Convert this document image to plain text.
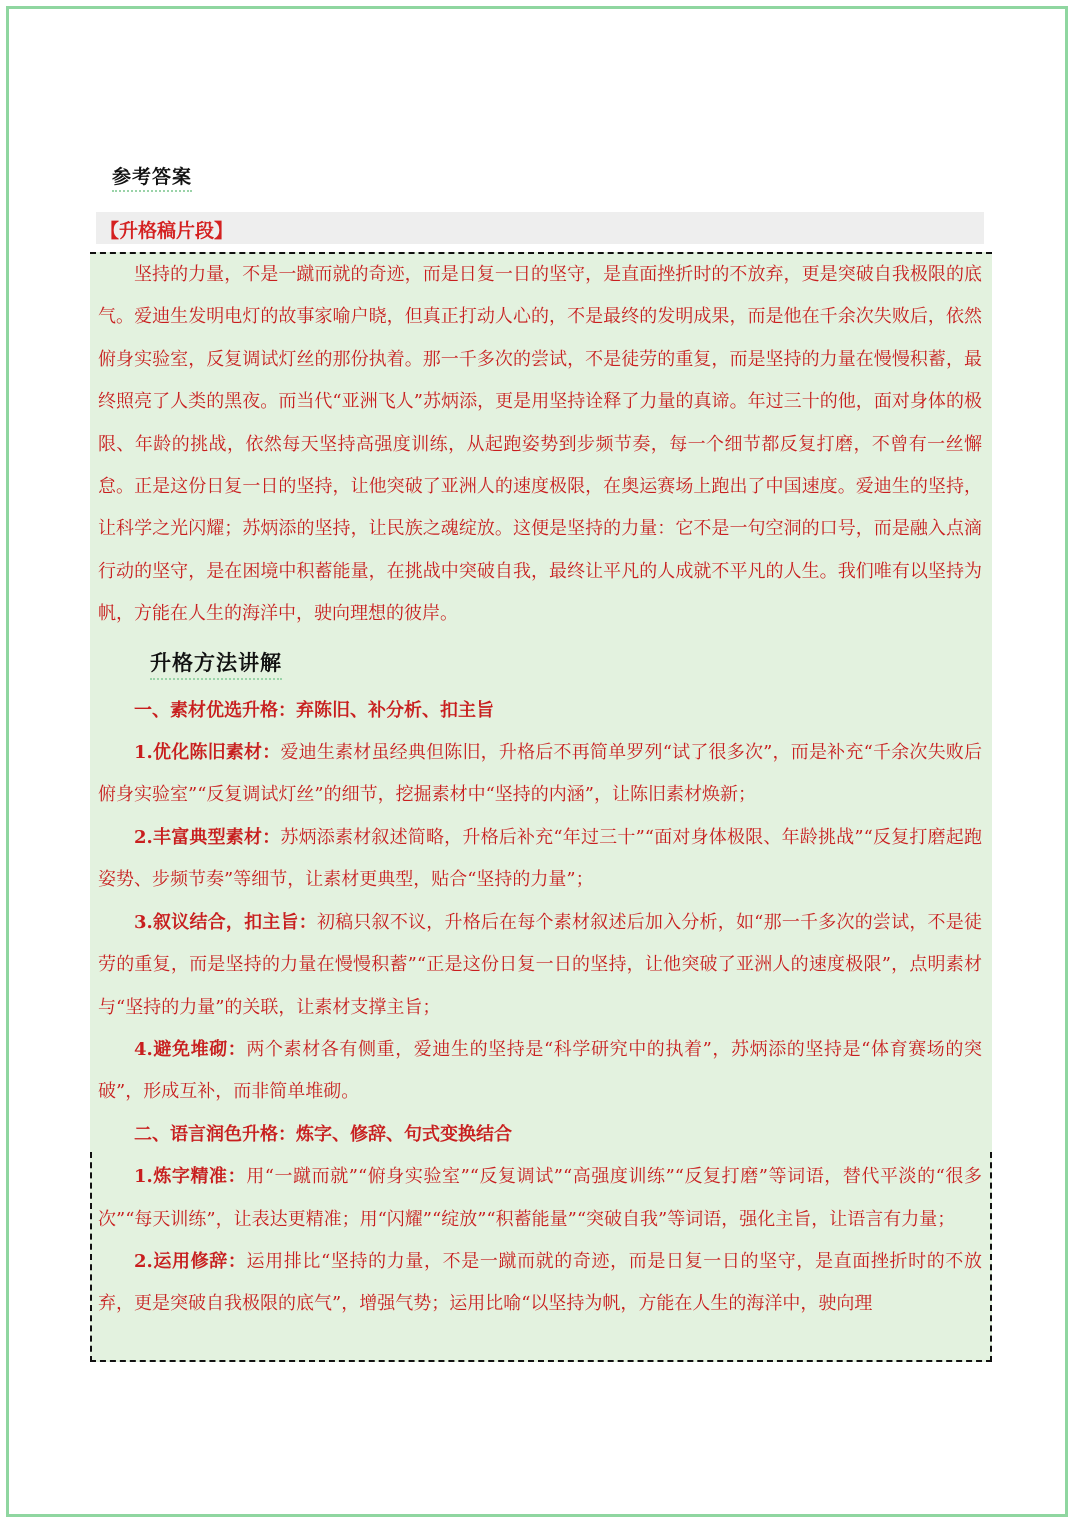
参考答案
【升格稿片段】

坚持的力量，不是一蹴而就的奇迹，而是日复一日的坚守，是直面挫折时的不放弃，更是突破自我极限的底气。爱迪生发明电灯的故事家喻户晓，但真正打动人心的，不是最终的发明成果，而是他在千余次失败后，依然俯身实验室，反复调试灯丝的那份执着。那一千多次的尝试，不是徒劳的重复，而是坚持的力量在慢慢积蓄，最终照亮了人类的黑夜。而当代“亚洲飞人”苏炳添，更是用坚持诠释了力量的真谛。年过三十的他，面对身体的极限、年龄的挑战，依然每天坚持高强度训练，从起跑姿势到步频节奏，每一个细节都反复打磨，不曾有一丝懈怠。正是这份日复一日的坚持，让他突破了亚洲人的速度极限，在奥运赛场上跑出了中国速度。爱迪生的坚持，让科学之光闪耀；苏炳添的坚持，让民族之魂绽放。这便是坚持的力量：它不是一句空洞的口号，而是融入点滴行动的坚守，是在困境中积蓄能量，在挑战中突破自我，最终让平凡的人成就不平凡的人生。我们唯有以坚持为帆，方能在人生的海洋中，驶向理想的彼岸。

升格方法讲解

一、素材优选升格：弃陈旧、补分析、扣主旨

1.优化陈旧素材：爱迪生素材虽经典但陈旧，升格后不再简单罗列“试了很多次”，而是补充“千余次失败后俯身实验室”“反复调试灯丝”的细节，挖掘素材中“坚持的内涵”，让陈旧素材焕新；

2.丰富典型素材：苏炳添素材叙述简略，升格后补充“年过三十”“面对身体极限、年龄挑战”“反复打磨起跑姿势、步频节奏”等细节，让素材更典型，贴合“坚持的力量”；

3.叙议结合，扣主旨：初稿只叙不议，升格后在每个素材叙述后加入分析，如“那一千多次的尝试，不是徒劳的重复，而是坚持的力量在慢慢积蓄”“正是这份日复一日的坚持，让他突破了亚洲人的速度极限”，点明素材与“坚持的力量”的关联，让素材支撑主旨；

4.避免堆砌：两个素材各有侧重，爱迪生的坚持是“科学研究中的执着”，苏炳添的坚持是“体育赛场的突破”，形成互补，而非简单堆砌。

二、语言润色升格：炼字、修辞、句式变换结合

1.炼字精准：用“一蹴而就”“俯身实验室”“反复调试”“高强度训练”“反复打磨”等词语，替代平淡的“很多次”“每天训练”，让表达更精准；用“闪耀”“绽放”“积蓄能量”“突破自我”等词语，强化主旨，让语言有力量；

2.运用修辞：运用排比“坚持的力量，不是一蹴而就的奇迹，而是日复一日的坚守，是直面挫折时的不放弃，更是突破自我极限的底气”，增强气势；运用比喻“以坚持为帆，方能在人生的海洋中，驶向理
